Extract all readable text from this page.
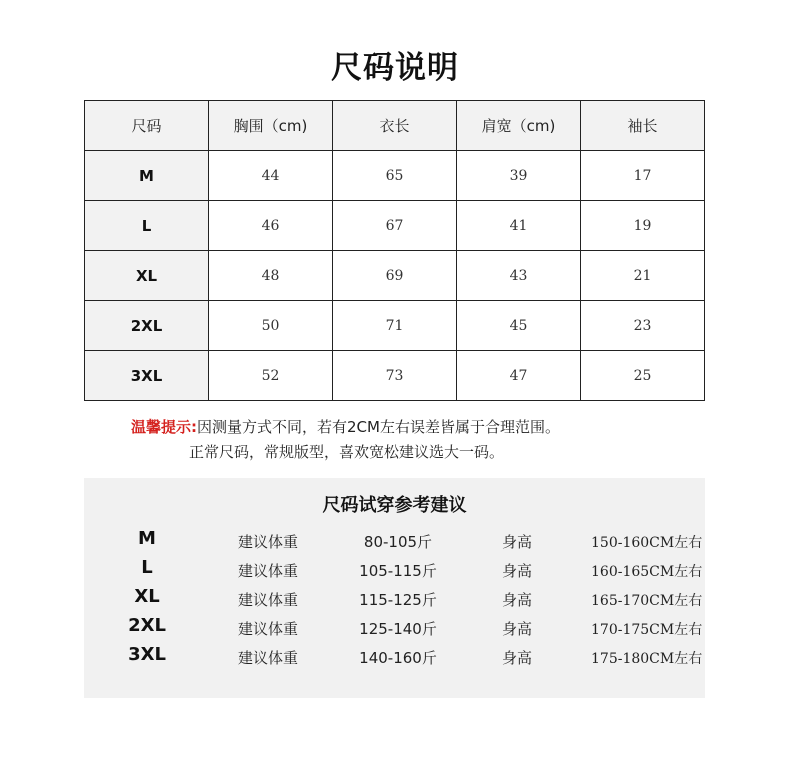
尺码说明
尺码	胸围（cm)	衣长	肩宽（cm)	袖长
M	44	65	39	17
L	46	67	41	19
XL	48	69	43	21
2XL	50	71	45	23
3XL	52	73	47	25
温馨提示:因测量方式不同，若有2CM左右误差皆属于合理范围。
正常尺码，常规版型，喜欢宽松建议选大一码。
尺码试穿参考建议
M	建议体重	80-105斤	身高	150-160CM左右
L	建议体重	105-115斤	身高	160-165CM左右
XL	建议体重	115-125斤	身高	165-170CM左右
2XL	建议体重	125-140斤	身高	170-175CM左右
3XL	建议体重	140-160斤	身高	175-180CM左右
